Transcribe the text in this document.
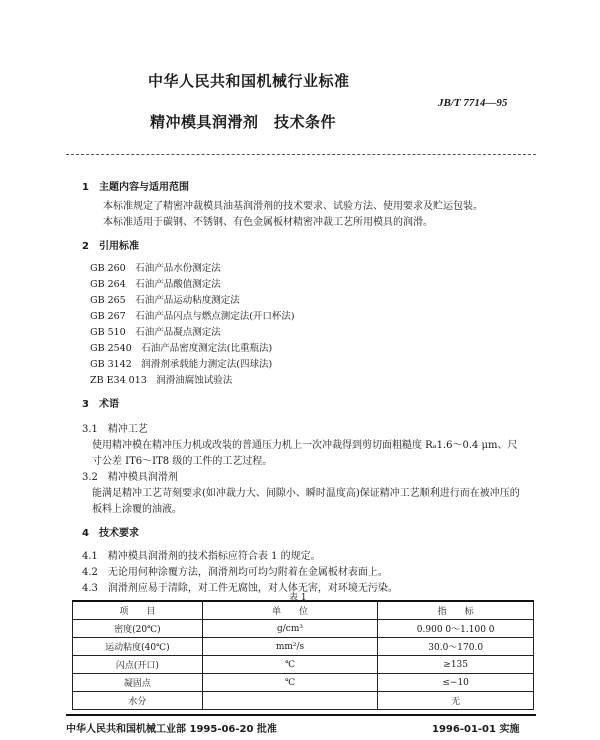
中华人民共和国机械行业标准
JB/T 7714—95
精冲模具润滑剂　技术条件
1　主题内容与适用范围
本标准规定了精密冲裁模具油基润滑剂的技术要求、试验方法、使用要求及贮运包装。
本标准适用于碳钢、不锈钢、有色金属板材精密冲裁工艺所用模具的润滑。
2　引用标准
GB 260　石油产品水份测定法
GB 264　石油产品酸值测定法
GB 265　石油产品运动粘度测定法
GB 267　石油产品闪点与燃点测定法(开口杯法)
GB 510　石油产品凝点测定法
GB 2540　石油产品密度测定法(比重瓶法)
GB 3142　润滑剂承载能力测定法(四球法)
ZB E34 013　润滑油腐蚀试验法
3　术语
3.1　精冲工艺
使用精冲模在精冲压力机或改装的普通压力机上一次冲裁得到剪切面粗糙度 Rₐ1.6～0.4 μm、尺
寸公差 IT6～IT8 级的工件的工艺过程。
3.2　精冲模具润滑剂
能满足精冲工艺苛刻要求(如冲裁力大、间隙小、瞬时温度高)保证精冲工艺顺利进行而在被冲压的
板料上涂覆的油液。
4　技术要求
4.1　精冲模具润滑剂的技术指标应符合表 1 的规定。
4.2　无论用何种涂覆方法，润滑剂均可均匀附着在金属板材表面上。
4.3　润滑剂应易于清除，对工件无腐蚀，对人体无害，对环境无污染。
表 1
项　　目	单　　位	指　　标
密度(20℃)	g/cm³	0.900 0～1.100 0
运动粘度(40℃)	mm²/s	30.0～170.0
闪点(开口)	℃	≥135
凝固点	℃	≤−10
水分		无
中华人民共和国机械工业部 1995-06-20 批准	1996-01-01 实施
